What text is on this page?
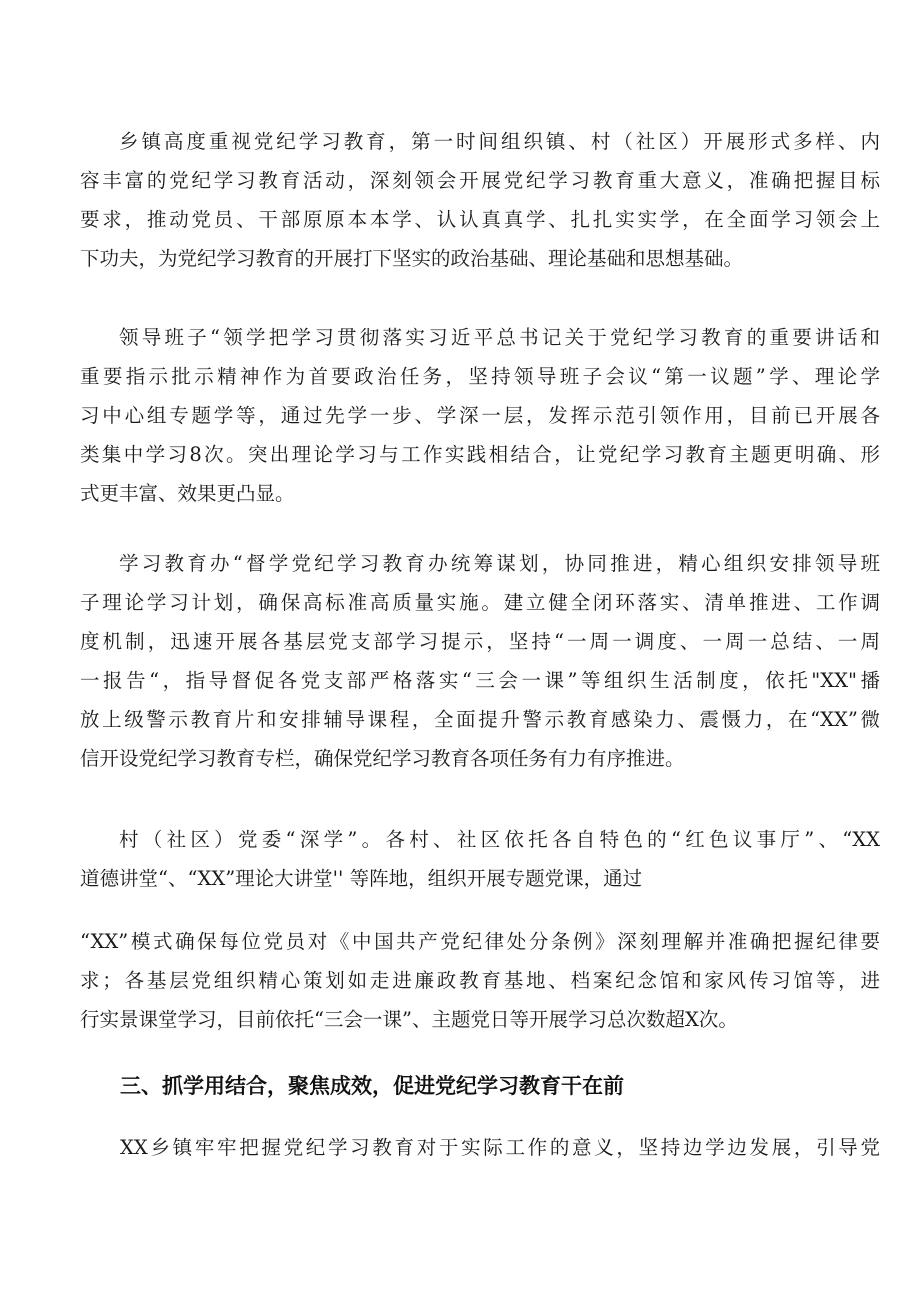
乡镇高度重视党纪学习教育，第一时间组织镇、村（社区）开展形式多样、内
容丰富的党纪学习教育活动，深刻领会开展党纪学习教育重大意义，准确把握目标
要求，推动党员、干部原原本本学、认认真真学、扎扎实实学，在全面学习领会上
下功夫，为党纪学习教育的开展打下坚实的政治基础、理论基础和思想基础。
领导班子“领学把学习贯彻落实习近平总书记关于党纪学习教育的重要讲话和
重要指示批示精神作为首要政治任务，坚持领导班子会议“第一议题”学、理论学
习中心组专题学等，通过先学一步、学深一层，发挥示范引领作用，目前已开展各
类集中学习8次。突出理论学习与工作实践相结合，让党纪学习教育主题更明确、形
式更丰富、效果更凸显。
学习教育办“督学党纪学习教育办统筹谋划，协同推进，精心组织安排领导班
子理论学习计划，确保高标准高质量实施。建立健全闭环落实、清单推进、工作调
度机制，迅速开展各基层党支部学习提示，坚持“一周一调度、一周一总结、一周
一报告“，指导督促各党支部严格落实“三会一课”等组织生活制度，依托"XX"播
放上级警示教育片和安排辅导课程，全面提升警示教育感染力、震慑力，在“XX”微
信开设党纪学习教育专栏，确保党纪学习教育各项任务有力有序推进。
村（社区）党委“深学”。各村、社区依托各自特色的“红色议事厅”、“XX
道德讲堂“、“XX”理论大讲堂'' 等阵地，组织开展专题党课，通过
“XX”模式确保每位党员对《中国共产党纪律处分条例》深刻理解并准确把握纪律要
求；各基层党组织精心策划如走进廉政教育基地、档案纪念馆和家风传习馆等，进
行实景课堂学习，目前依托“三会一课”、主题党日等开展学习总次数超X次。
三、抓学用结合，聚焦成效，促进党纪学习教育干在前
XX乡镇牢牢把握党纪学习教育对于实际工作的意义，坚持边学边发展，引导党
